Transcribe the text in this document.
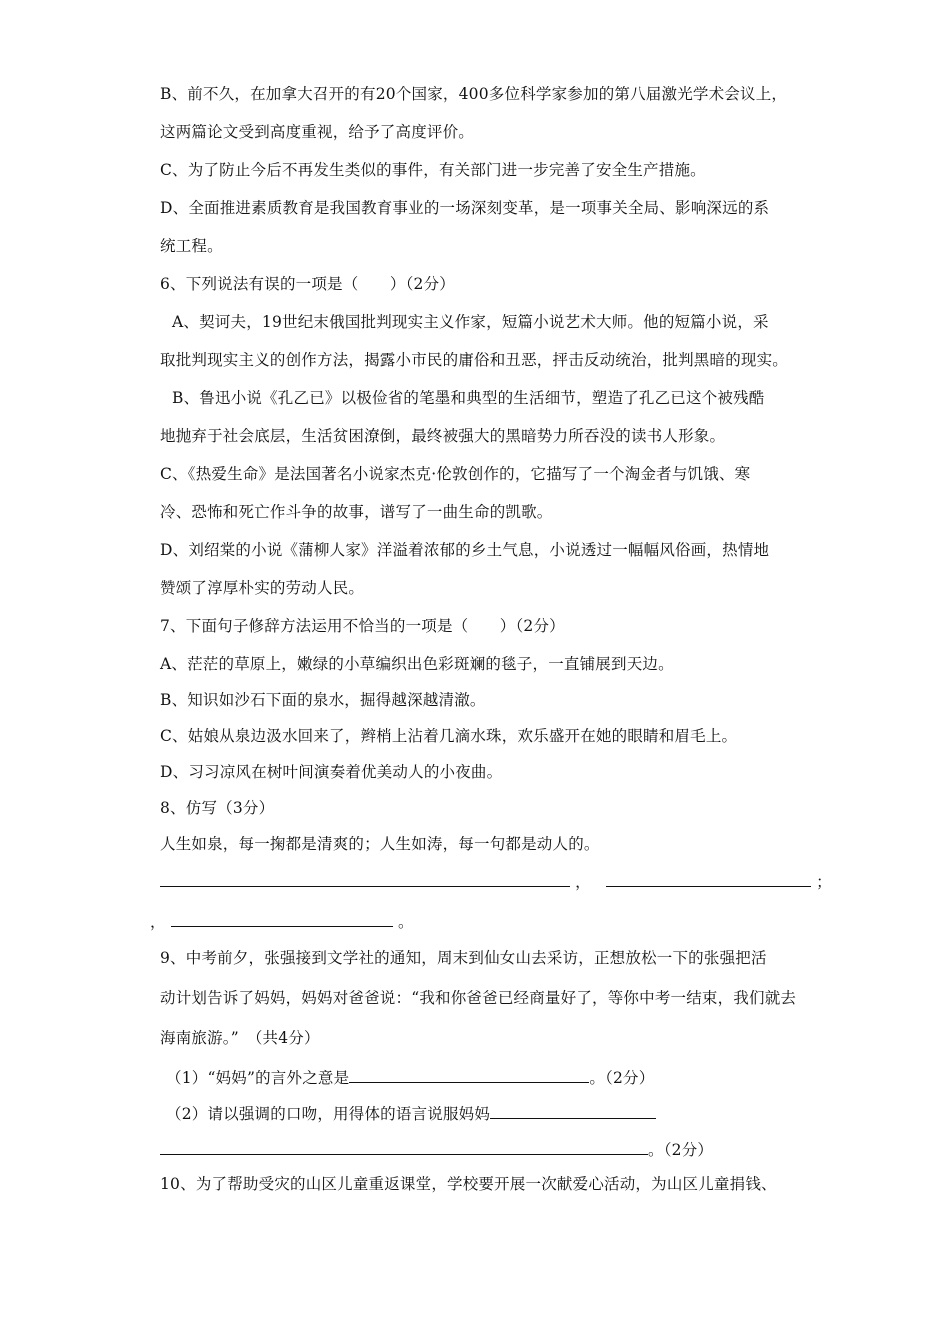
B、前不久，在加拿大召开的有20个国家，400多位科学家参加的第八届激光学术会议上，
这两篇论文受到高度重视，给予了高度评价。
C、为了防止今后不再发生类似的事件，有关部门进一步完善了安全生产措施。
D、全面推进素质教育是我国教育事业的一场深刻变革，是一项事关全局、影响深远的系
统工程。
6、下列说法有误的一项是（　　）（2分）
A、契诃夫，19世纪末俄国批判现实主义作家，短篇小说艺术大师。他的短篇小说，采
取批判现实主义的创作方法，揭露小市民的庸俗和丑恶，抨击反动统治，批判黑暗的现实。
B、鲁迅小说《孔乙已》以极俭省的笔墨和典型的生活细节，塑造了孔乙已这个被残酷
地抛弃于社会底层，生活贫困潦倒，最终被强大的黑暗势力所吞没的读书人形象。
C、《热爱生命》是法国著名小说家杰克·伦敦创作的，它描写了一个淘金者与饥饿、寒
冷、恐怖和死亡作斗争的故事，谱写了一曲生命的凯歌。
D、刘绍棠的小说《蒲柳人家》洋溢着浓郁的乡土气息，小说透过一幅幅风俗画，热情地
赞颂了淳厚朴实的劳动人民。
7、下面句子修辞方法运用不恰当的一项是（　　）（2分）
A、茫茫的草原上，嫩绿的小草编织出色彩斑斓的毯子，一直铺展到天边。
B、知识如沙石下面的泉水，掘得越深越清澈。
C、姑娘从泉边汲水回来了，辫梢上沾着几滴水珠，欢乐盛开在她的眼睛和眉毛上。
D、习习凉风在树叶间演奏着优美动人的小夜曲。
8、仿写（3分）
人生如泉，每一掬都是清爽的；人生如涛，每一句都是动人的。
，	；
，	。
9、中考前夕，张强接到文学社的通知，周末到仙女山去采访，正想放松一下的张强把活
动计划告诉了妈妈，妈妈对爸爸说：“我和你爸爸已经商量好了，等你中考一结束，我们就去
海南旅游。”　（共4分）
（1）“妈妈”的言外之意是	。（2分）
（2）请以强调的口吻，用得体的语言说服妈妈
。（2分）
10、为了帮助受灾的山区儿童重返课堂，学校要开展一次献爱心活动，为山区儿童捐钱、
